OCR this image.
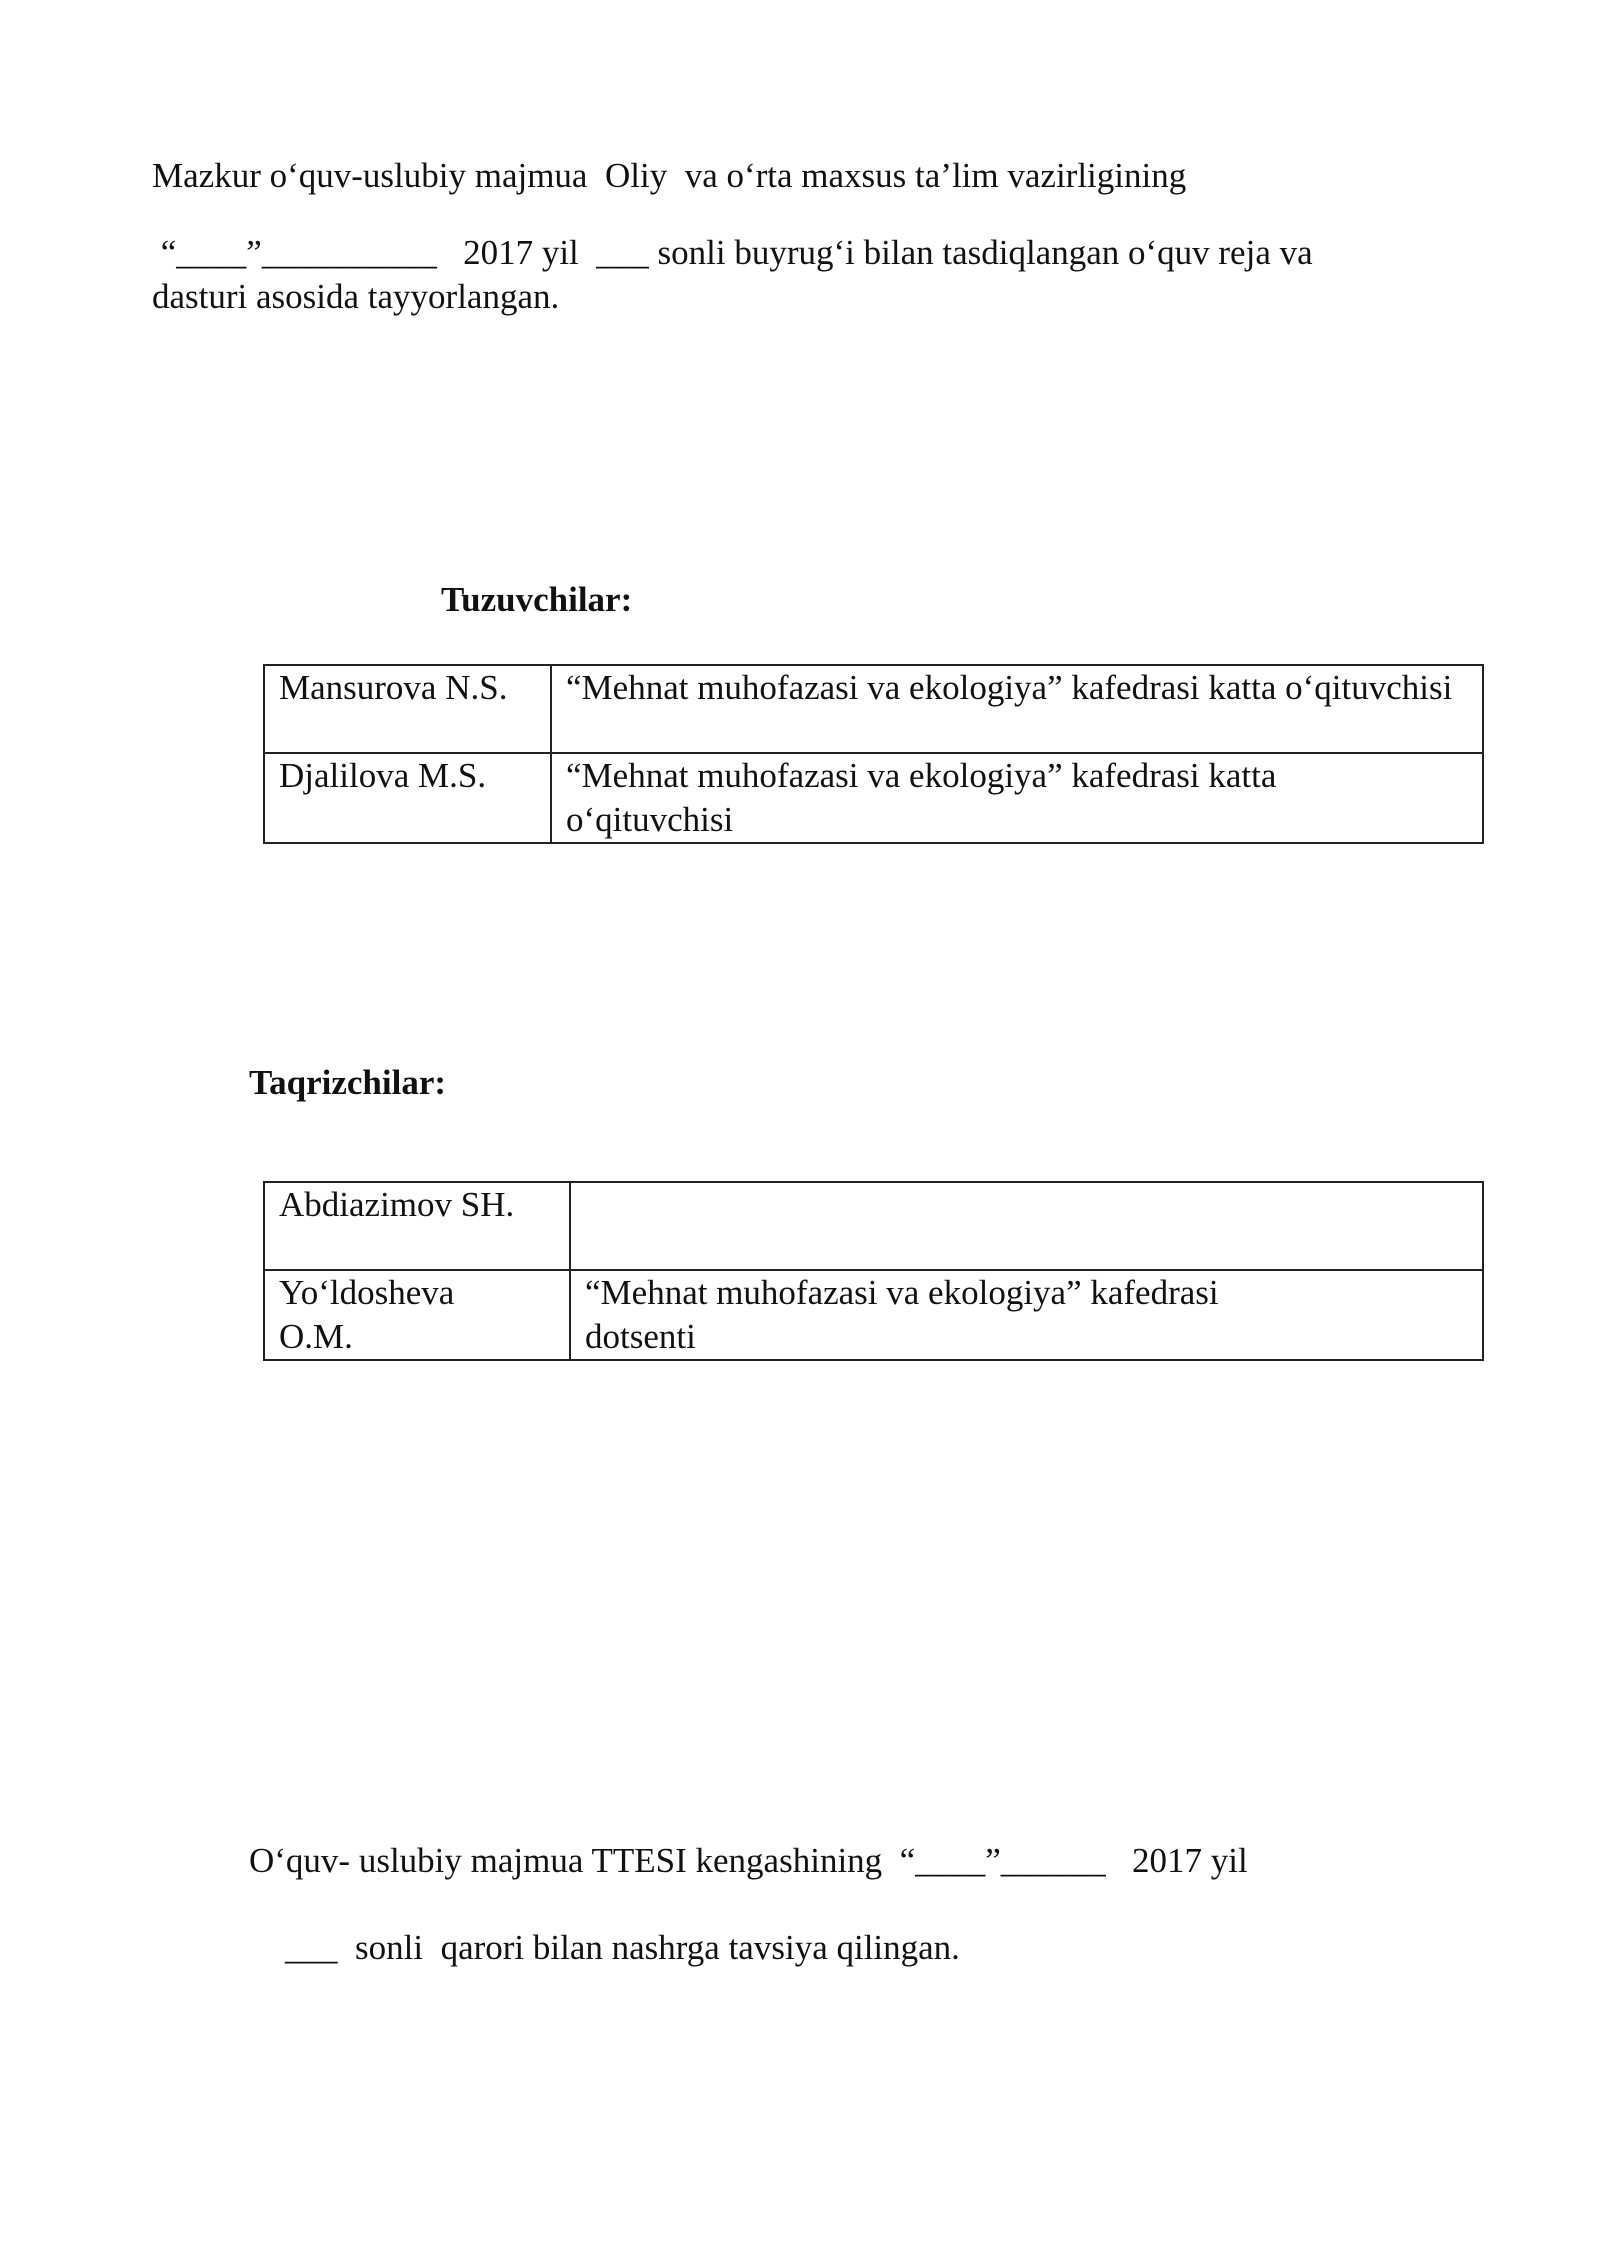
Mazkur o‘quv-uslubiy majmua  Oliy  va o‘rta maxsus ta’lim vazirligining
“____”__________   2017 yil  ___ sonli buyrug‘i bilan tasdiqlangan o‘quv reja va
dasturi asosida tayyorlangan.
Tuzuvchilar:
Mansurova N.S.	“Mehnat muhofazasi va ekologiya” kafedrasi katta o‘qituvchisi
Djalilova M.S.	“Mehnat muhofazasi va ekologiya” kafedrasi katta o‘qituvchisi
Taqrizchilar:
Abdiazimov SH.	
Yo‘ldosheva O.M.	“Mehnat muhofazasi va ekologiya” kafedrasi dotsenti
O‘quv- uslubiy majmua TTESI kengashining  “____”______   2017 yil
___  sonli  qarori bilan nashrga tavsiya qilingan.
